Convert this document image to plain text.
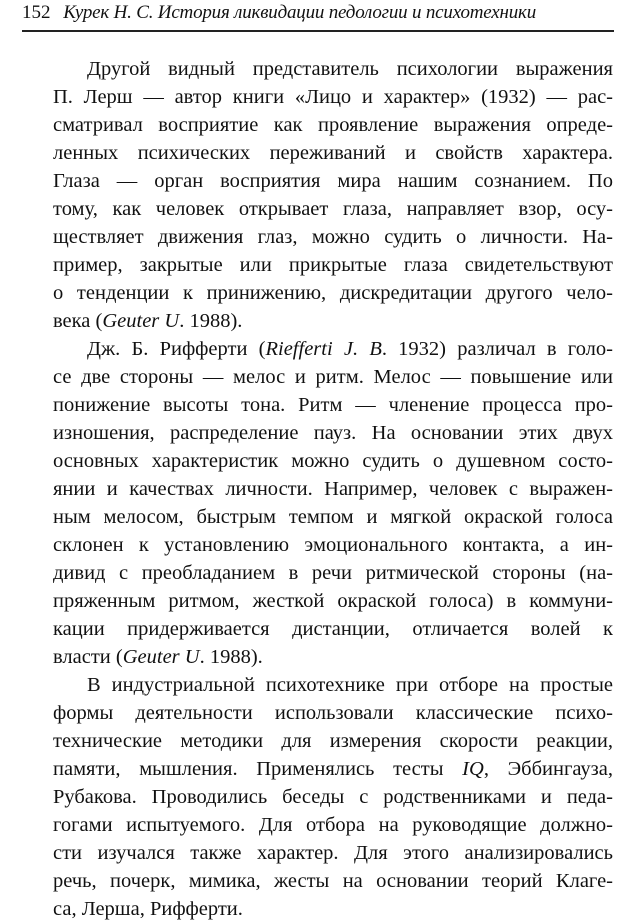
152 Курек Н. С. История ликвидации педологии и психотехники
Другой видный представитель психологии выражения
П. Лерш — автор книги «Лицо и характер» (1932) — рас-
сматривал восприятие как проявление выражения опреде-
ленных психических переживаний и свойств характера.
Глаза — орган восприятия мира нашим сознанием. По
тому, как человек открывает глаза, направляет взор, осу-
ществляет движения глаз, можно судить о личности. На-
пример, закрытые или прикрытые глаза свидетельствуют
о тенденции к принижению, дискредитации другого чело-
века (Geuter U. 1988).
Дж. Б. Рифферти (Riefferti J. B. 1932) различал в голо-
се две стороны — мелос и ритм. Мелос — повышение или
понижение высоты тона. Ритм — членение процесса про-
изношения, распределение пауз. На основании этих двух
основных характеристик можно судить о душевном состо-
янии и качествах личности. Например, человек с выражен-
ным мелосом, быстрым темпом и мягкой окраской голоса
склонен к установлению эмоционального контакта, а ин-
дивид с преобладанием в речи ритмической стороны (на-
пряженным ритмом, жесткой окраской голоса) в коммуни-
кации придерживается дистанции, отличается волей к
власти (Geuter U. 1988).
В индустриальной психотехнике при отборе на простые
формы деятельности использовали классические психо-
технические методики для измерения скорости реакции,
памяти, мышления. Применялись тесты IQ, Эббингауза,
Рубакова. Проводились беседы с родственниками и педа-
гогами испытуемого. Для отбора на руководящие должно-
сти изучался также характер. Для этого анализировались
речь, почерк, мимика, жесты на основании теорий Клаге-
са, Лерша, Рифферти.
